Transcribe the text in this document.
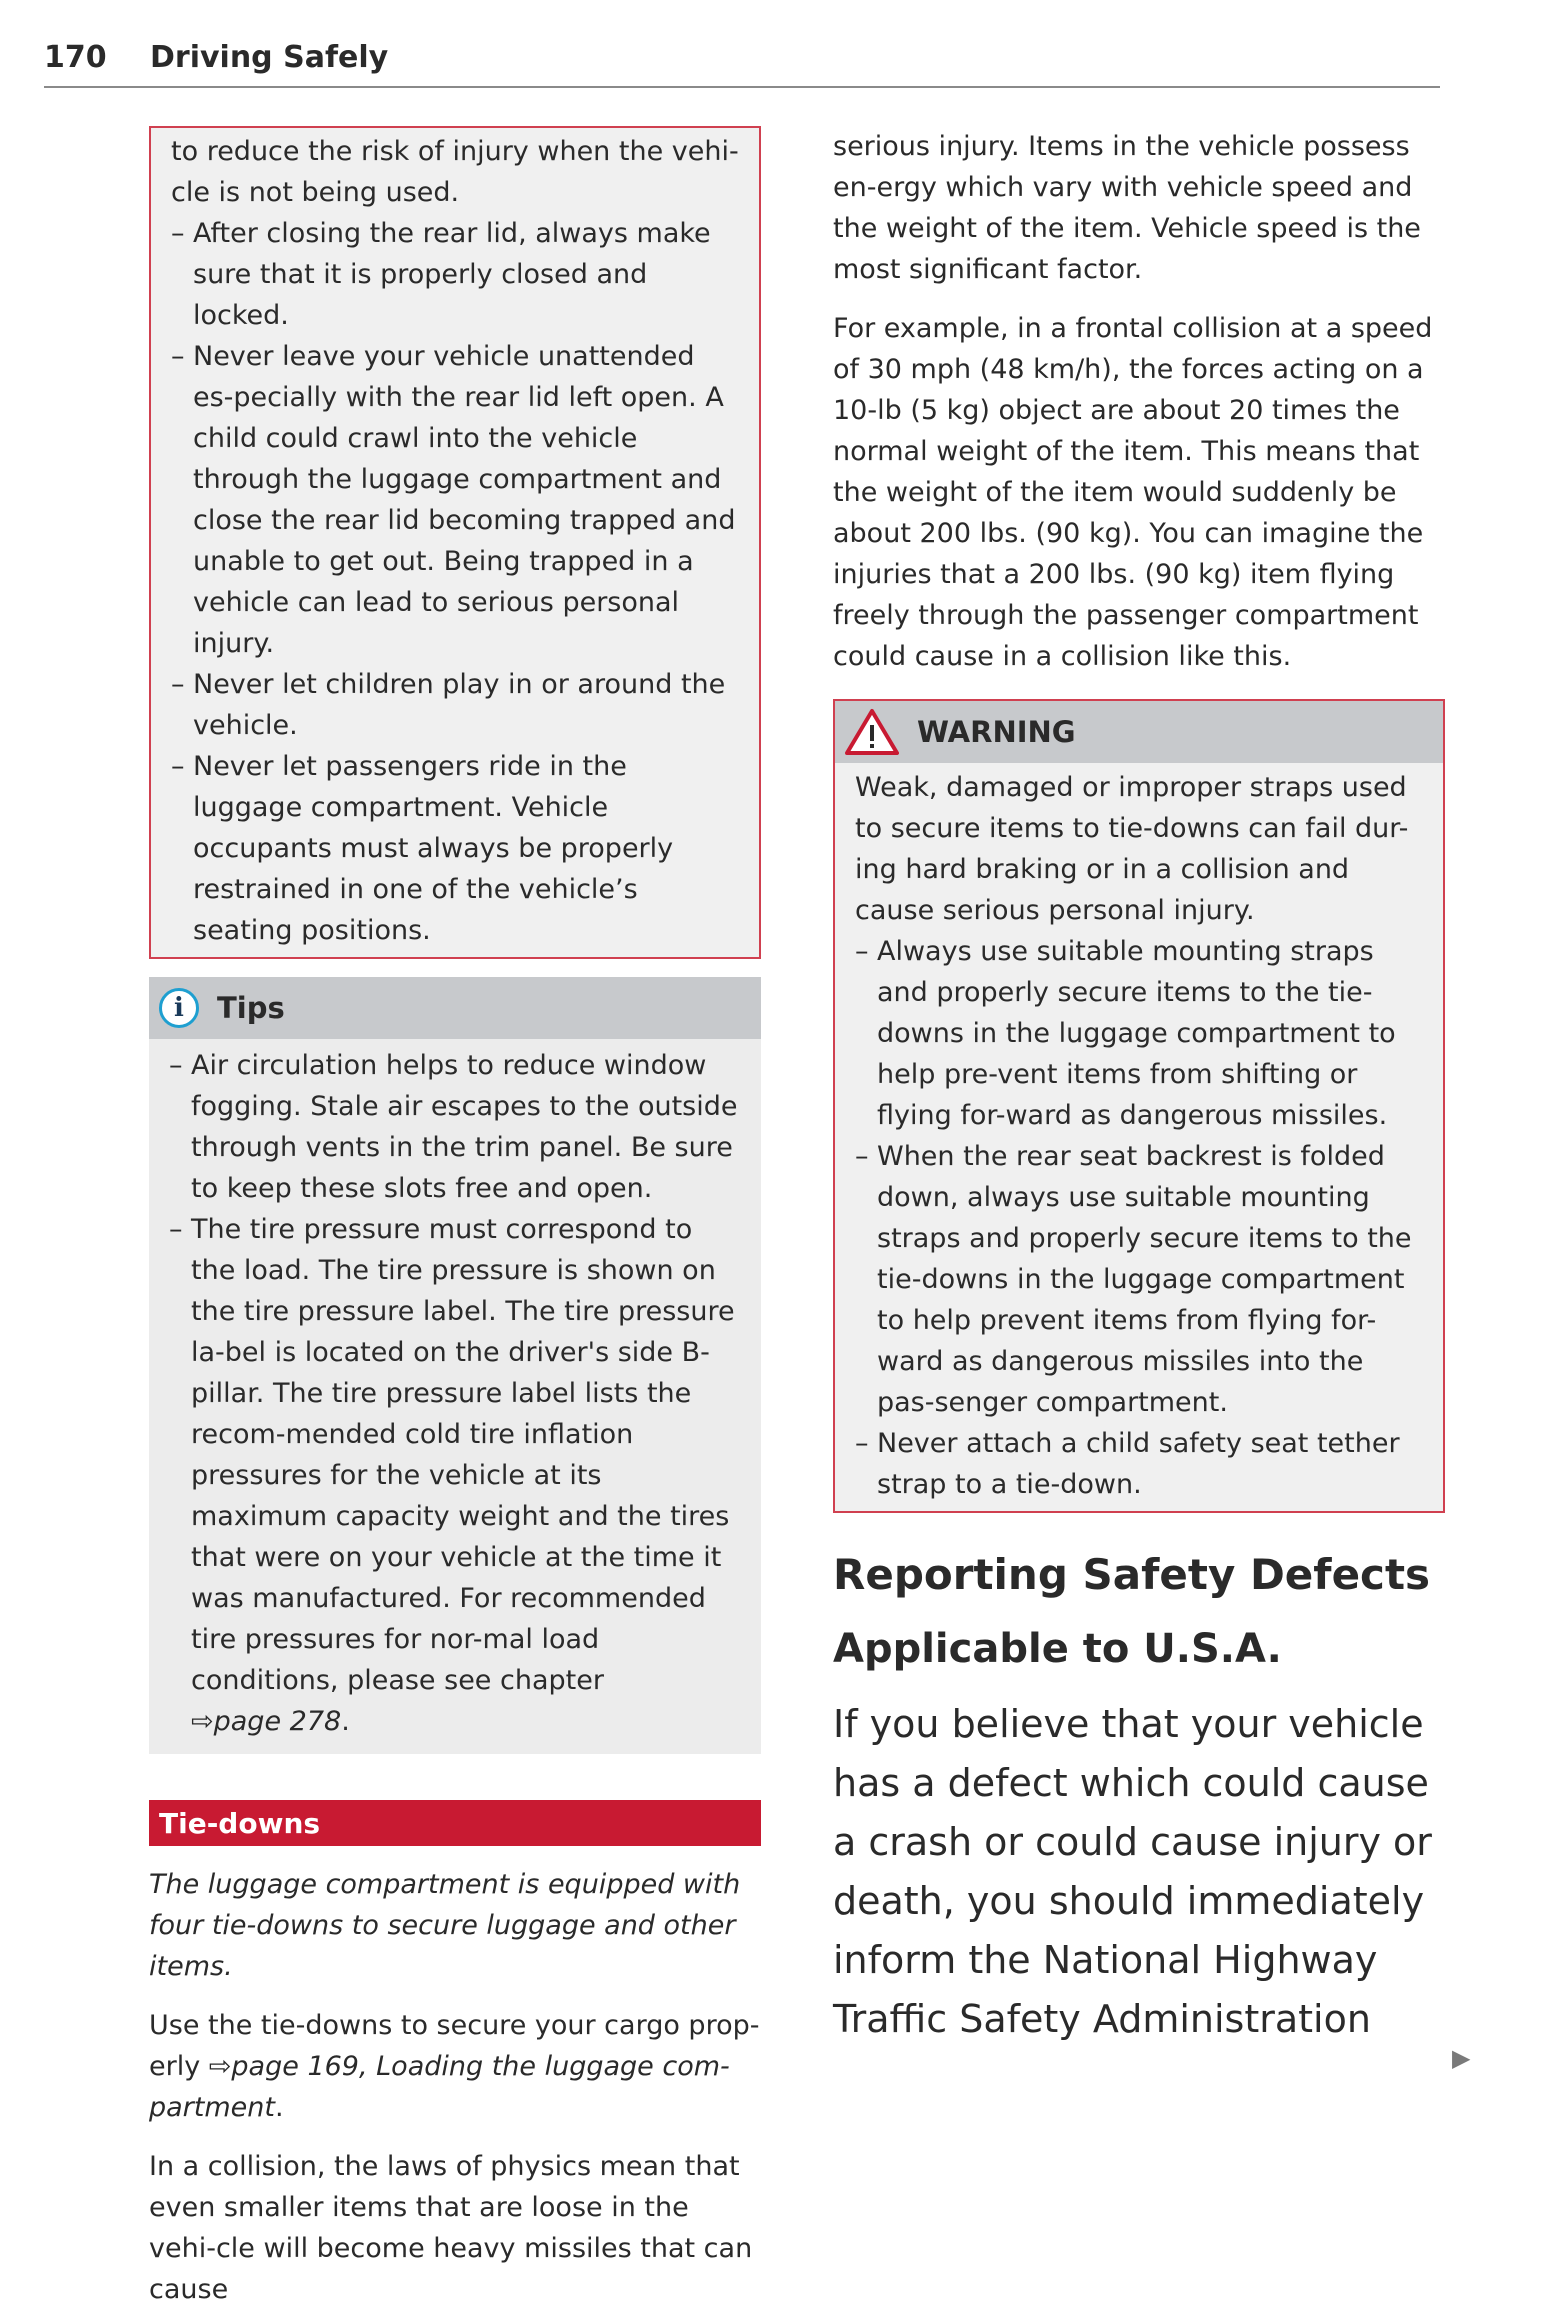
170 Driving Safely

to reduce the risk of injury when the vehi-cle is not being used.

– After closing the rear lid, always make sure that it is properly closed and locked.
– Never leave your vehicle unattended es-pecially with the rear lid left open. A child could crawl into the vehicle through the luggage compartment and close the rear lid becoming trapped and unable to get out. Being trapped in a vehicle can lead to serious personal injury.
– Never let children play in or around the vehicle.
– Never let passengers ride in the luggage compartment. Vehicle occupants must always be properly restrained in one of the vehicle’s seating positions.
i	Tips
– Air circulation helps to reduce window fogging. Stale air escapes to the outside through vents in the trim panel. Be sure to keep these slots free and open.
– The tire pressure must correspond to the load. The tire pressure is shown on the tire pressure label. The tire pressure la-bel is located on the driver's side B-pillar. The tire pressure label lists the recom-mended cold tire inflation pressures for the vehicle at its maximum capacity weight and the tires that were on your vehicle at the time it was manufactured. For recommended tire pressures for nor-mal load conditions, please see chapter
⇨page 278.
Tie-downs

The luggage compartment is equipped with four tie-downs to secure luggage and other items.

Use the tie-downs to secure your cargo prop-erly ⇨page 169, Loading the luggage com-partment.

In a collision, the laws of physics mean that even smaller items that are loose in the vehi-cle will become heavy missiles that can cause

serious injury. Items in the vehicle possess en-ergy which vary with vehicle speed and the weight of the item. Vehicle speed is the most significant factor.

For example, in a frontal collision at a speed of 30 mph (48 km/h), the forces acting on a 10-lb (5 kg) object are about 20 times the normal weight of the item. This means that the weight of the item would suddenly be about 200 lbs. (90 kg). You can imagine the injuries that a 200 lbs. (90 kg) item flying freely through the passenger compartment could cause in a collision like this.

WARNING

Weak, damaged or improper straps used to secure items to tie-downs can fail dur-ing hard braking or in a collision and cause serious personal injury.

– Always use suitable mounting straps and properly secure items to the tie-downs in the luggage compartment to help pre-vent items from shifting or flying for-ward as dangerous missiles.
– When the rear seat backrest is folded down, always use suitable mounting straps and properly secure items to the tie-downs in the luggage compartment to help prevent items from flying for-ward as dangerous missiles into the pas-senger compartment.
– Never attach a child safety seat tether strap to a tie-down.
Reporting Safety Defects
Applicable to U.S.A.

If you believe that your vehicle has a defect which could cause a crash or could cause injury or death, you should immediately inform the National Highway Traffic Safety Administration

▶
